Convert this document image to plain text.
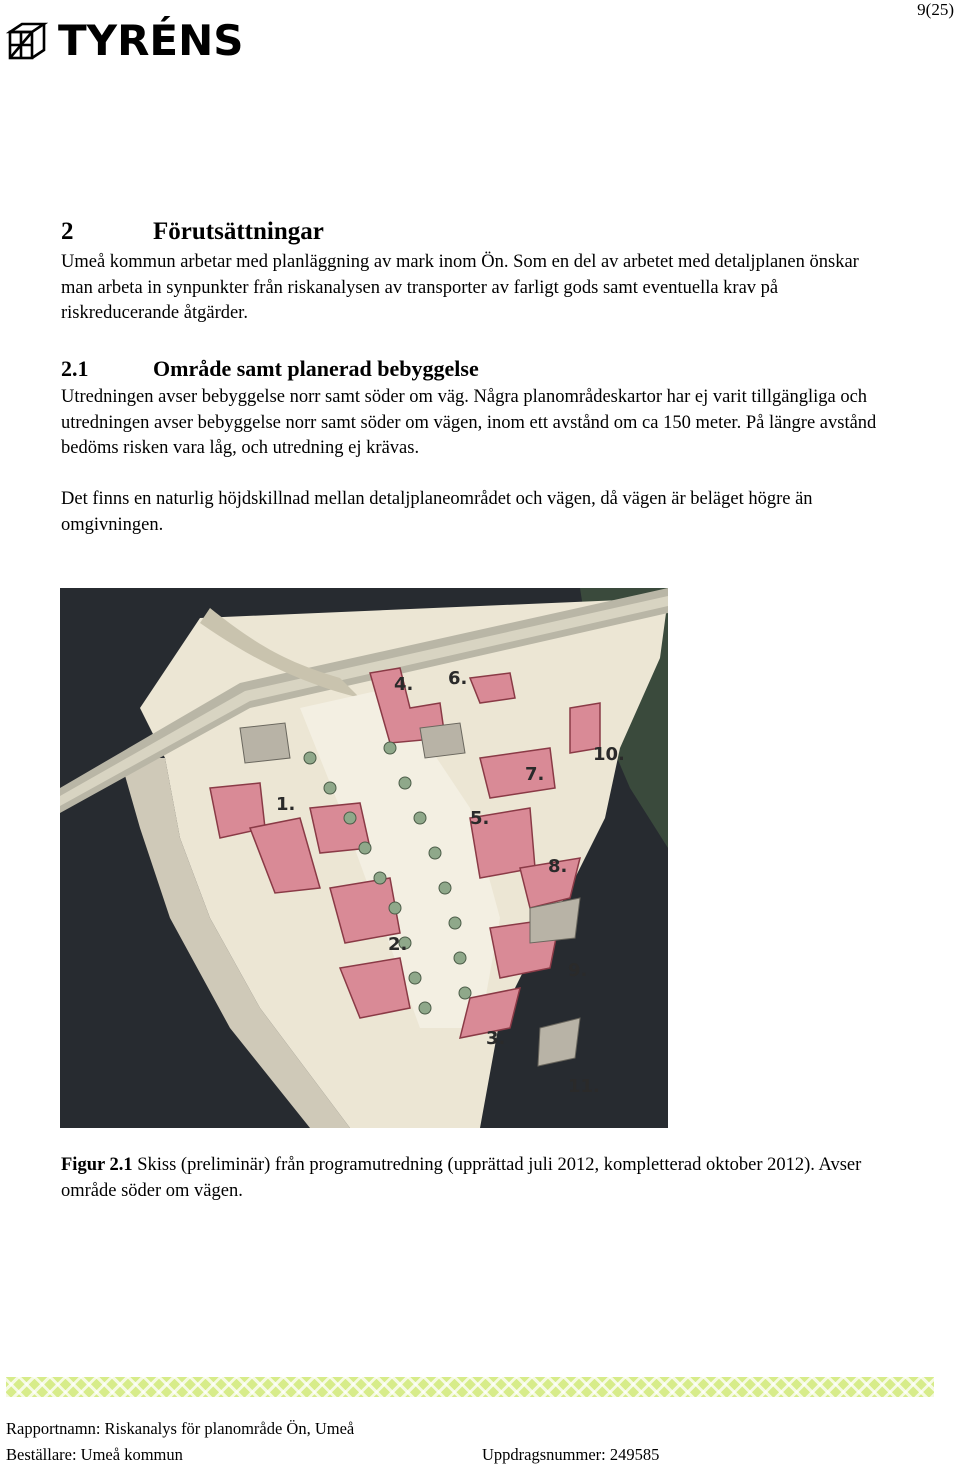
9(25)
TYRÉNS
2	Förutsättningar
Umeå kommun arbetar med planläggning av mark inom Ön. Som en del av arbetet med detaljplanen önskar man arbeta in synpunkter från riskanalysen av transporter av farligt gods samt eventuella krav på riskreducerande åtgärder.
2.1	Område samt planerad bebyggelse
Utredningen avser bebyggelse norr samt söder om väg. Några planområdeskartor har ej varit tillgängliga och utredningen avser bebyggelse norr samt söder om vägen, inom ett avstånd om ca 150 meter. På längre avstånd bedöms risken vara låg, och utredning ej krävas.
Det finns en naturlig höjdskillnad mellan detaljplaneområdet och vägen, då vägen är beläget högre än omgivningen.
1.
2.
3.
4.
5.
6.
7.
8.
9.
10.
11.
Figur 2.1 Skiss (preliminär) från programutredning (upprättad juli 2012, kompletterad oktober 2012). Avser område söder om vägen.
Rapportnamn: Riskanalys för planområde Ön, Umeå
Beställare: Umeå kommun	Uppdragsnummer: 249585
